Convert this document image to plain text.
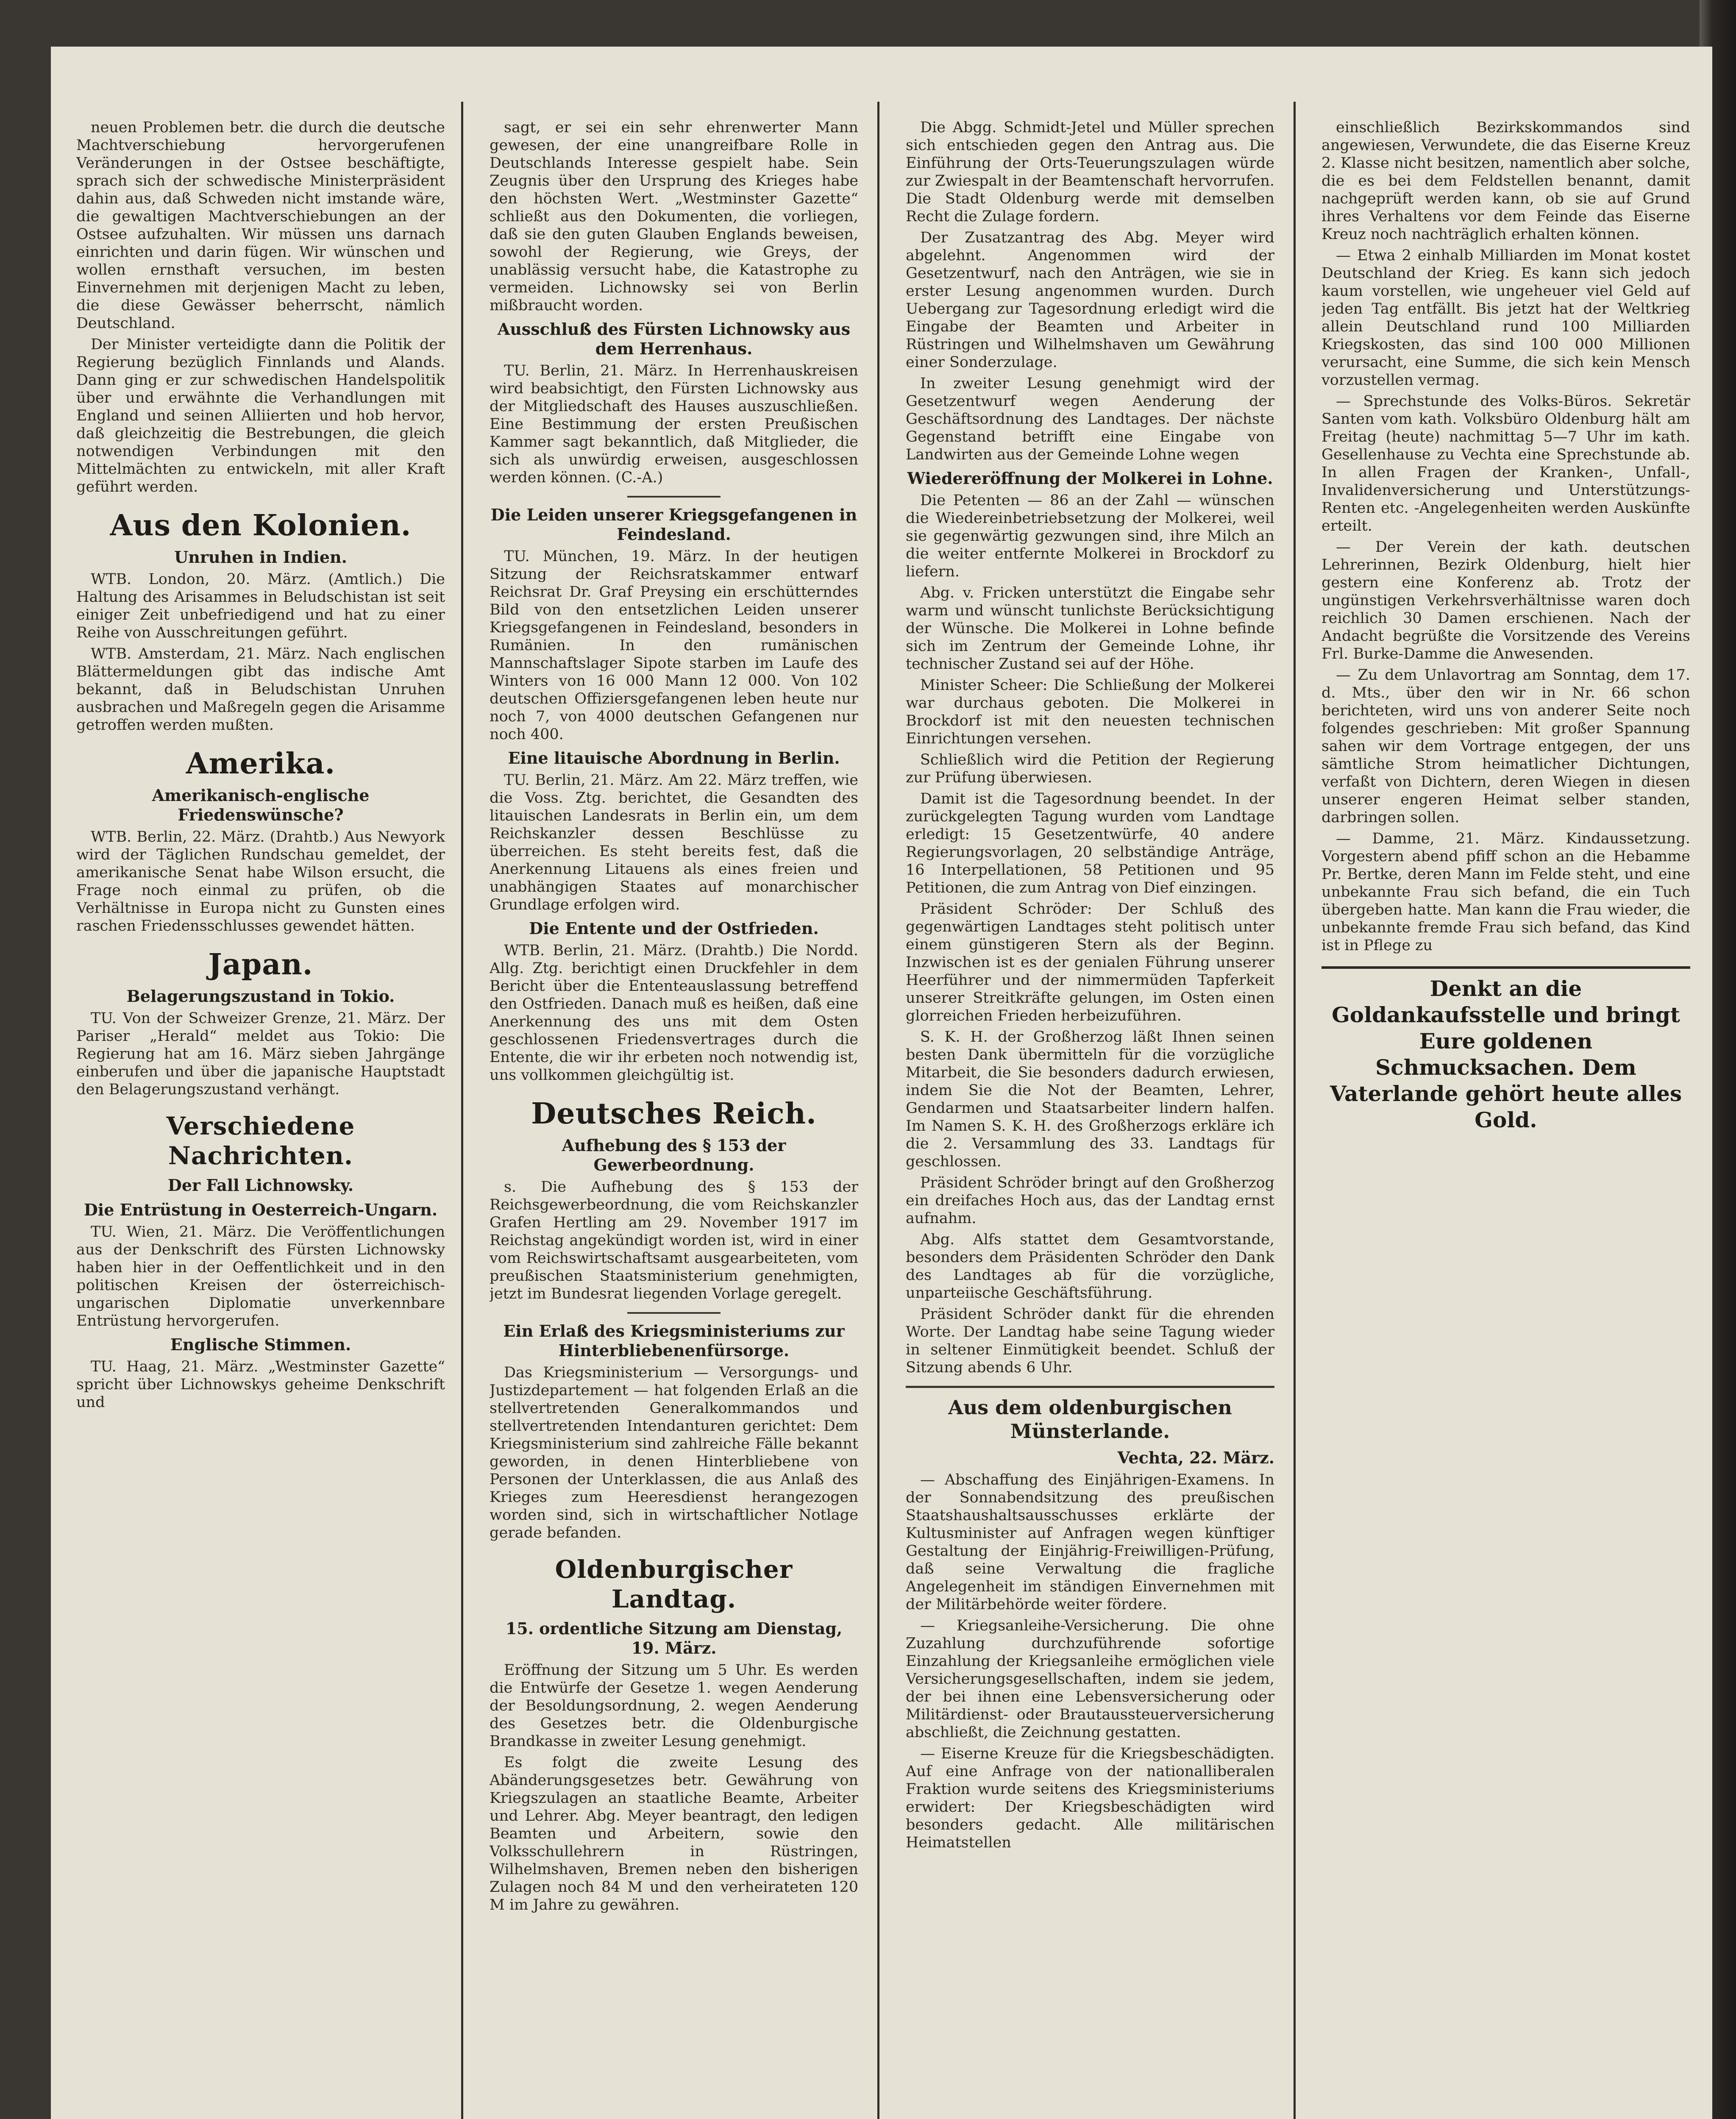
neuen Problemen betr. die durch die deutsche Machtverschiebung hervorgerufenen Veränderungen in der Ostsee beschäftigte, sprach sich der schwedische Ministerpräsident dahin aus, daß Schweden nicht imstande wäre, die gewaltigen Machtverschiebungen an der Ostsee aufzuhalten. Wir müssen uns darnach einrichten und darin fügen. Wir wünschen und wollen ernsthaft versuchen, im besten Einvernehmen mit derjenigen Macht zu leben, die diese Gewässer beherrscht, nämlich Deutschland.

Der Minister verteidigte dann die Politik der Regierung bezüglich Finnlands und Alands. Dann ging er zur schwedischen Handelspolitik über und erwähnte die Verhandlungen mit England und seinen Alliierten und hob hervor, daß gleichzeitig die Bestrebungen, die gleich notwendigen Verbindungen mit den Mittelmächten zu entwickeln, mit aller Kraft geführt werden.

Aus den Kolonien.
Unruhen in Indien.

WTB. London, 20. März. (Amtlich.) Die Haltung des Arisammes in Beludschistan ist seit einiger Zeit unbefriedigend und hat zu einer Reihe von Ausschreitungen geführt.

WTB. Amsterdam, 21. März. Nach englischen Blättermeldungen gibt das indische Amt bekannt, daß in Beludschistan Unruhen ausbrachen und Maßregeln gegen die Arisamme getroffen werden mußten.

Amerika.
Amerikanisch-englische Friedenswünsche?

WTB. Berlin, 22. März. (Drahtb.) Aus Newyork wird der Täglichen Rundschau gemeldet, der amerikanische Senat habe Wilson ersucht, die Frage noch einmal zu prüfen, ob die Verhältnisse in Europa nicht zu Gunsten eines raschen Friedensschlusses gewendet hätten.

Japan.
Belagerungszustand in Tokio.

TU. Von der Schweizer Grenze, 21. März. Der Pariser „Herald“ meldet aus Tokio: Die Regierung hat am 16. März sieben Jahrgänge einberufen und über die japanische Hauptstadt den Belagerungszustand verhängt.

Verschiedene Nachrichten.
Der Fall Lichnowsky.
Die Entrüstung in Oesterreich-Ungarn.

TU. Wien, 21. März. Die Veröffentlichungen aus der Denkschrift des Fürsten Lichnowsky haben hier in der Oeffentlichkeit und in den politischen Kreisen der österreichisch-ungarischen Diplomatie unverkennbare Entrüstung hervorgerufen.

Englische Stimmen.

TU. Haag, 21. März. „Westminster Gazette“ spricht über Lichnowskys geheime Denkschrift und

sagt, er sei ein sehr ehrenwerter Mann gewesen, der eine unangreifbare Rolle in Deutschlands Interesse gespielt habe. Sein Zeugnis über den Ursprung des Krieges habe den höchsten Wert. „Westminster Gazette“ schließt aus den Dokumenten, die vorliegen, daß sie den guten Glauben Englands beweisen, sowohl der Regierung, wie Greys, der unablässig versucht habe, die Katastrophe zu vermeiden. Lichnowsky sei von Berlin mißbraucht worden.

Ausschluß des Fürsten Lichnowsky aus dem Herrenhaus.

TU. Berlin, 21. März. In Herrenhauskreisen wird beabsichtigt, den Fürsten Lichnowsky aus der Mitgliedschaft des Hauses auszuschließen. Eine Bestimmung der ersten Preußischen Kammer sagt bekanntlich, daß Mitglieder, die sich als unwürdig erweisen, ausgeschlossen werden können. (C.-A.)

Die Leiden unserer Kriegsgefangenen in Feindesland.

TU. München, 19. März. In der heutigen Sitzung der Reichsratskammer entwarf Reichsrat Dr. Graf Preysing ein erschütterndes Bild von den entsetzlichen Leiden unserer Kriegsgefangenen in Feindesland, besonders in Rumänien. In den rumänischen Mannschaftslager Sipote starben im Laufe des Winters von 16 000 Mann 12 000. Von 102 deutschen Offiziersgefangenen leben heute nur noch 7, von 4000 deutschen Gefangenen nur noch 400.

Eine litauische Abordnung in Berlin.

TU. Berlin, 21. März. Am 22. März treffen, wie die Voss. Ztg. berichtet, die Gesandten des litauischen Landesrats in Berlin ein, um dem Reichskanzler dessen Beschlüsse zu überreichen. Es steht bereits fest, daß die Anerkennung Litauens als eines freien und unabhängigen Staates auf monarchischer Grundlage erfolgen wird.

Die Entente und der Ostfrieden.

WTB. Berlin, 21. März. (Drahtb.) Die Nordd. Allg. Ztg. berichtigt einen Druckfehler in dem Bericht über die Ententeauslassung betreffend den Ostfrieden. Danach muß es heißen, daß eine Anerkennung des uns mit dem Osten geschlossenen Friedensvertrages durch die Entente, die wir ihr erbeten noch notwendig ist, uns vollkommen gleichgültig ist.

Deutsches Reich.
Aufhebung des § 153 der Gewerbeordnung.

s. Die Aufhebung des § 153 der Reichsgewerbeordnung, die vom Reichskanzler Grafen Hertling am 29. November 1917 im Reichstag angekündigt worden ist, wird in einer vom Reichswirtschaftsamt ausgearbeiteten, vom preußischen Staatsministerium genehmigten, jetzt im Bundesrat liegenden Vorlage geregelt.

Ein Erlaß des Kriegsministeriums zur Hinterbliebenenfürsorge.

Das Kriegsministerium — Versorgungs- und Justizdepartement — hat folgenden Erlaß an die stellvertretenden Generalkommandos und stellvertretenden Intendanturen gerichtet: Dem Kriegsministerium sind zahlreiche Fälle bekannt geworden, in denen Hinterbliebene von Personen der Unterklassen, die aus Anlaß des Krieges zum Heeresdienst herangezogen worden sind, sich in wirtschaftlicher Notlage gerade befanden.

Oldenburgischer Landtag.
15. ordentliche Sitzung am Dienstag, 19. März.

Eröffnung der Sitzung um 5 Uhr. Es werden die Entwürfe der Gesetze 1. wegen Aenderung der Besoldungsordnung, 2. wegen Aenderung des Gesetzes betr. die Oldenburgische Brandkasse in zweiter Lesung genehmigt.

Es folgt die zweite Lesung des Abänderungsgesetzes betr. Gewährung von Kriegszulagen an staatliche Beamte, Arbeiter und Lehrer. Abg. Meyer beantragt, den ledigen Beamten und Arbeitern, sowie den Volksschullehrern in Rüstringen, Wilhelmshaven, Bremen neben den bisherigen Zulagen noch 84 M und den verheirateten 120 M im Jahre zu gewähren.

Die Abgg. Schmidt-Jetel und Müller sprechen sich entschieden gegen den Antrag aus. Die Einführung der Orts-Teuerungszulagen würde zur Zwiespalt in der Beamtenschaft hervorrufen. Die Stadt Oldenburg werde mit demselben Recht die Zulage fordern.

Der Zusatzantrag des Abg. Meyer wird abgelehnt. Angenommen wird der Gesetzentwurf, nach den Anträgen, wie sie in erster Lesung angenommen wurden. Durch Uebergang zur Tagesordnung erledigt wird die Eingabe der Beamten und Arbeiter in Rüstringen und Wilhelmshaven um Gewährung einer Sonderzulage.

In zweiter Lesung genehmigt wird der Gesetzentwurf wegen Aenderung der Geschäftsordnung des Landtages. Der nächste Gegenstand betrifft eine Eingabe von Landwirten aus der Gemeinde Lohne wegen

Wiedereröffnung der Molkerei in Lohne.

Die Petenten — 86 an der Zahl — wünschen die Wiedereinbetriebsetzung der Molkerei, weil sie gegenwärtig gezwungen sind, ihre Milch an die weiter entfernte Molkerei in Brockdorf zu liefern.

Abg. v. Fricken unterstützt die Eingabe sehr warm und wünscht tunlichste Berücksichtigung der Wünsche. Die Molkerei in Lohne befinde sich im Zentrum der Gemeinde Lohne, ihr technischer Zustand sei auf der Höhe.

Minister Scheer: Die Schließung der Molkerei war durchaus geboten. Die Molkerei in Brockdorf ist mit den neuesten technischen Einrichtungen versehen.

Schließlich wird die Petition der Regierung zur Prüfung überwiesen.

Damit ist die Tagesordnung beendet. In der zurückgelegten Tagung wurden vom Landtage erledigt: 15 Gesetzentwürfe, 40 andere Regierungsvorlagen, 20 selbständige Anträge, 16 Interpellationen, 58 Petitionen und 95 Petitionen, die zum Antrag von Dief einzingen.

Präsident Schröder: Der Schluß des gegenwärtigen Landtages steht politisch unter einem günstigeren Stern als der Beginn. Inzwischen ist es der genialen Führung unserer Heerführer und der nimmermüden Tapferkeit unserer Streitkräfte gelungen, im Osten einen glorreichen Frieden herbeizuführen.

S. K. H. der Großherzog läßt Ihnen seinen besten Dank übermitteln für die vorzügliche Mitarbeit, die Sie besonders dadurch erwiesen, indem Sie die Not der Beamten, Lehrer, Gendarmen und Staatsarbeiter lindern halfen. Im Namen S. K. H. des Großherzogs erkläre ich die 2. Versammlung des 33. Landtags für geschlossen.

Präsident Schröder bringt auf den Großherzog ein dreifaches Hoch aus, das der Landtag ernst aufnahm.

Abg. Alfs stattet dem Gesamtvorstande, besonders dem Präsidenten Schröder den Dank des Landtages ab für die vorzügliche, unparteiische Geschäftsführung.

Präsident Schröder dankt für die ehrenden Worte. Der Landtag habe seine Tagung wieder in seltener Einmütigkeit beendet. Schluß der Sitzung abends 6 Uhr.

Aus dem oldenburgischen Münsterlande.
Vechta, 22. März.

— Abschaffung des Einjährigen-Examens. In der Sonnabendsitzung des preußischen Staatshaushaltsausschusses erklärte der Kultusminister auf Anfragen wegen künftiger Gestaltung der Einjährig-Freiwilligen-Prüfung, daß seine Verwaltung die fragliche Angelegenheit im ständigen Einvernehmen mit der Militärbehörde weiter fördere.

— Kriegsanleihe-Versicherung. Die ohne Zuzahlung durchzuführende sofortige Einzahlung der Kriegsanleihe ermöglichen viele Versicherungsgesellschaften, indem sie jedem, der bei ihnen eine Lebensversicherung oder Militärdienst- oder Brautaussteuerversicherung abschließt, die Zeichnung gestatten.

— Eiserne Kreuze für die Kriegsbeschädigten. Auf eine Anfrage von der nationalliberalen Fraktion wurde seitens des Kriegsministeriums erwidert: Der Kriegsbeschädigten wird besonders gedacht. Alle militärischen Heimatstellen

einschließlich Bezirkskommandos sind angewiesen, Verwundete, die das Eiserne Kreuz 2. Klasse nicht besitzen, namentlich aber solche, die es bei dem Feldstellen benannt, damit nachgeprüft werden kann, ob sie auf Grund ihres Verhaltens vor dem Feinde das Eiserne Kreuz noch nachträglich erhalten können.

— Etwa 2 einhalb Milliarden im Monat kostet Deutschland der Krieg. Es kann sich jedoch kaum vorstellen, wie ungeheuer viel Geld auf jeden Tag entfällt. Bis jetzt hat der Weltkrieg allein Deutschland rund 100 Milliarden Kriegskosten, das sind 100 000 Millionen verursacht, eine Summe, die sich kein Mensch vorzustellen vermag.

— Sprechstunde des Volks-Büros. Sekretär Santen vom kath. Volksbüro Oldenburg hält am Freitag (heute) nachmittag 5—7 Uhr im kath. Gesellenhause zu Vechta eine Sprechstunde ab. In allen Fragen der Kranken-, Unfall-, Invalidenversicherung und Unterstützungs-Renten etc. -Angelegenheiten werden Auskünfte erteilt.

— Der Verein der kath. deutschen Lehrerinnen, Bezirk Oldenburg, hielt hier gestern eine Konferenz ab. Trotz der ungünstigen Verkehrsverhältnisse waren doch reichlich 30 Damen erschienen. Nach der Andacht begrüßte die Vorsitzende des Vereins Frl. Burke-Damme die Anwesenden.

— Zu dem Unlavortrag am Sonntag, dem 17. d. Mts., über den wir in Nr. 66 schon berichteten, wird uns von anderer Seite noch folgendes geschrieben: Mit großer Spannung sahen wir dem Vortrage entgegen, der uns sämtliche Strom heimatlicher Dichtungen, verfaßt von Dichtern, deren Wiegen in diesen unserer engeren Heimat selber standen, darbringen sollen.

— Damme, 21. März. Kindaussetzung. Vorgestern abend pfiff schon an die Hebamme Pr. Bertke, deren Mann im Felde steht, und eine unbekannte Frau sich befand, die ein Tuch übergeben hatte. Man kann die Frau wieder, die unbekannte fremde Frau sich befand, das Kind ist in Pflege zu

Denkt an die Goldankaufsstelle und bringt Eure goldenen Schmucksachen. Dem Vaterlande gehört heute alles Gold.
